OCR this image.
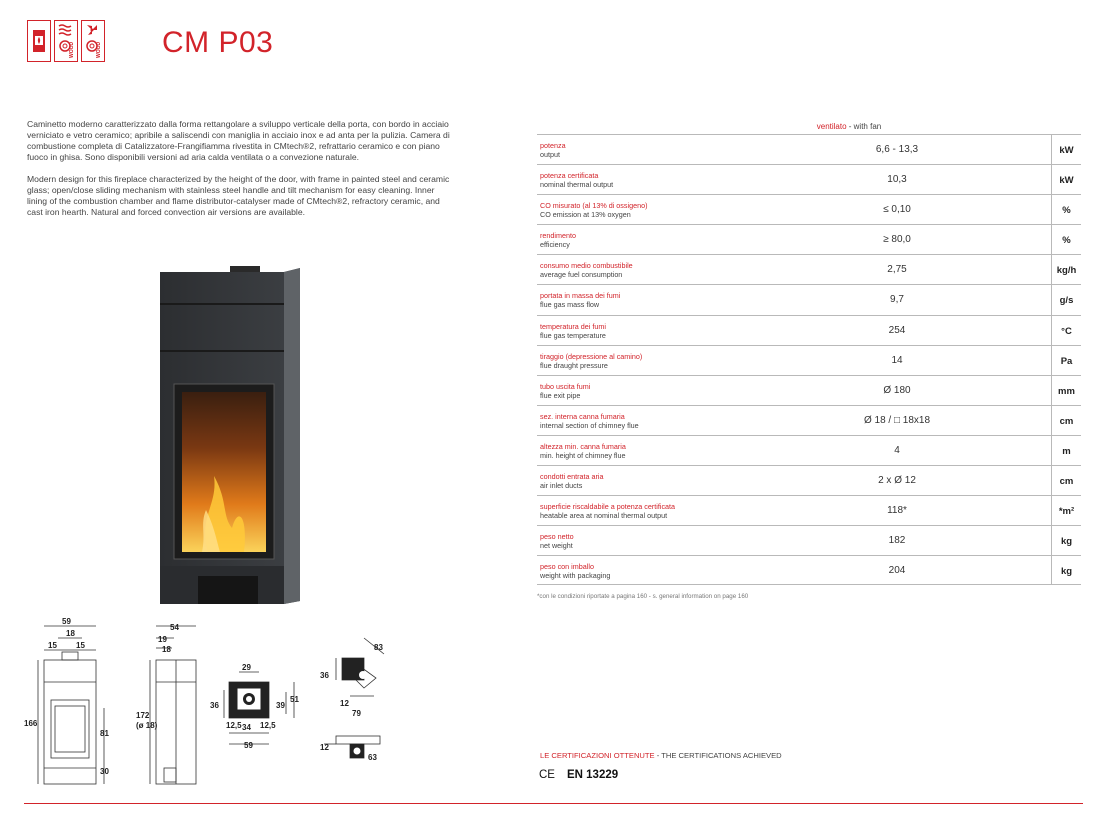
WOOD	WOOD CM P03

Caminetto moderno caratterizzato dalla forma rettangolare a sviluppo verticale della porta, con bordo in acciaio verniciato e vetro ceramico; apribile a saliscendi con maniglia in acciaio inox e ad anta per la pulizia. Camera di combustione completa di Catalizzatore-Frangifiamma rivestita in CMtech®2, refrattario ceramico e con piano fuoco in ghisa. Sono disponibili versioni ad aria calda ventilata o a convezione naturale.

Modern design for this fireplace characterized by the height of the door, with frame in painted steel and ceramic glass; open/close sliding mechanism with stainless steel handle and tilt mechanism for easy cleaning. Inner lining of the combustion chamber and flame distributor-catalyser made of CMtech®2, refractory ceramic, and cast iron hearth. Natural and forced convection air versions are available.

59
18
15 15
166
81
30
54
19
18
172
(ø 18)
29
36	39
51
12,5 34 12,5
59
83
36
12
79
12
63
ventilato - with fan
potenza
output	6,6 - 13,3	kW
potenza certificata
nominal thermal output	10,3	kW
CO misurato (al 13% di ossigeno)
CO emission at 13% oxygen	≤ 0,10	%
rendimento
efficiency	≥ 80,0	%
consumo medio combustibile
average fuel consumption	2,75	kg/h
portata in massa dei fumi
flue gas mass flow	9,7	g/s
temperatura dei fumi
flue gas temperature	254	°C
tiraggio (depressione al camino)
flue draught pressure	14	Pa
tubo uscita fumi
flue exit pipe	Ø 180	mm
sez. interna canna fumaria
internal section of chimney flue	Ø 18 / □ 18x18	cm
altezza min. canna fumaria
min. height of chimney flue	4	m
condotti entrata aria
air inlet ducts	2 x Ø 12	cm
superficie riscaldabile a potenza certificata
heatable area at nominal thermal output	118*	*m²
peso netto
net weight	182	kg
peso con imballo
weight with packaging	204	kg
*con le condizioni riportate a pagina 160 - s. general information on page 160
LE CERTIFICAZIONI OTTENUTE - THE CERTIFICATIONS ACHIEVED
CE EN 13229
